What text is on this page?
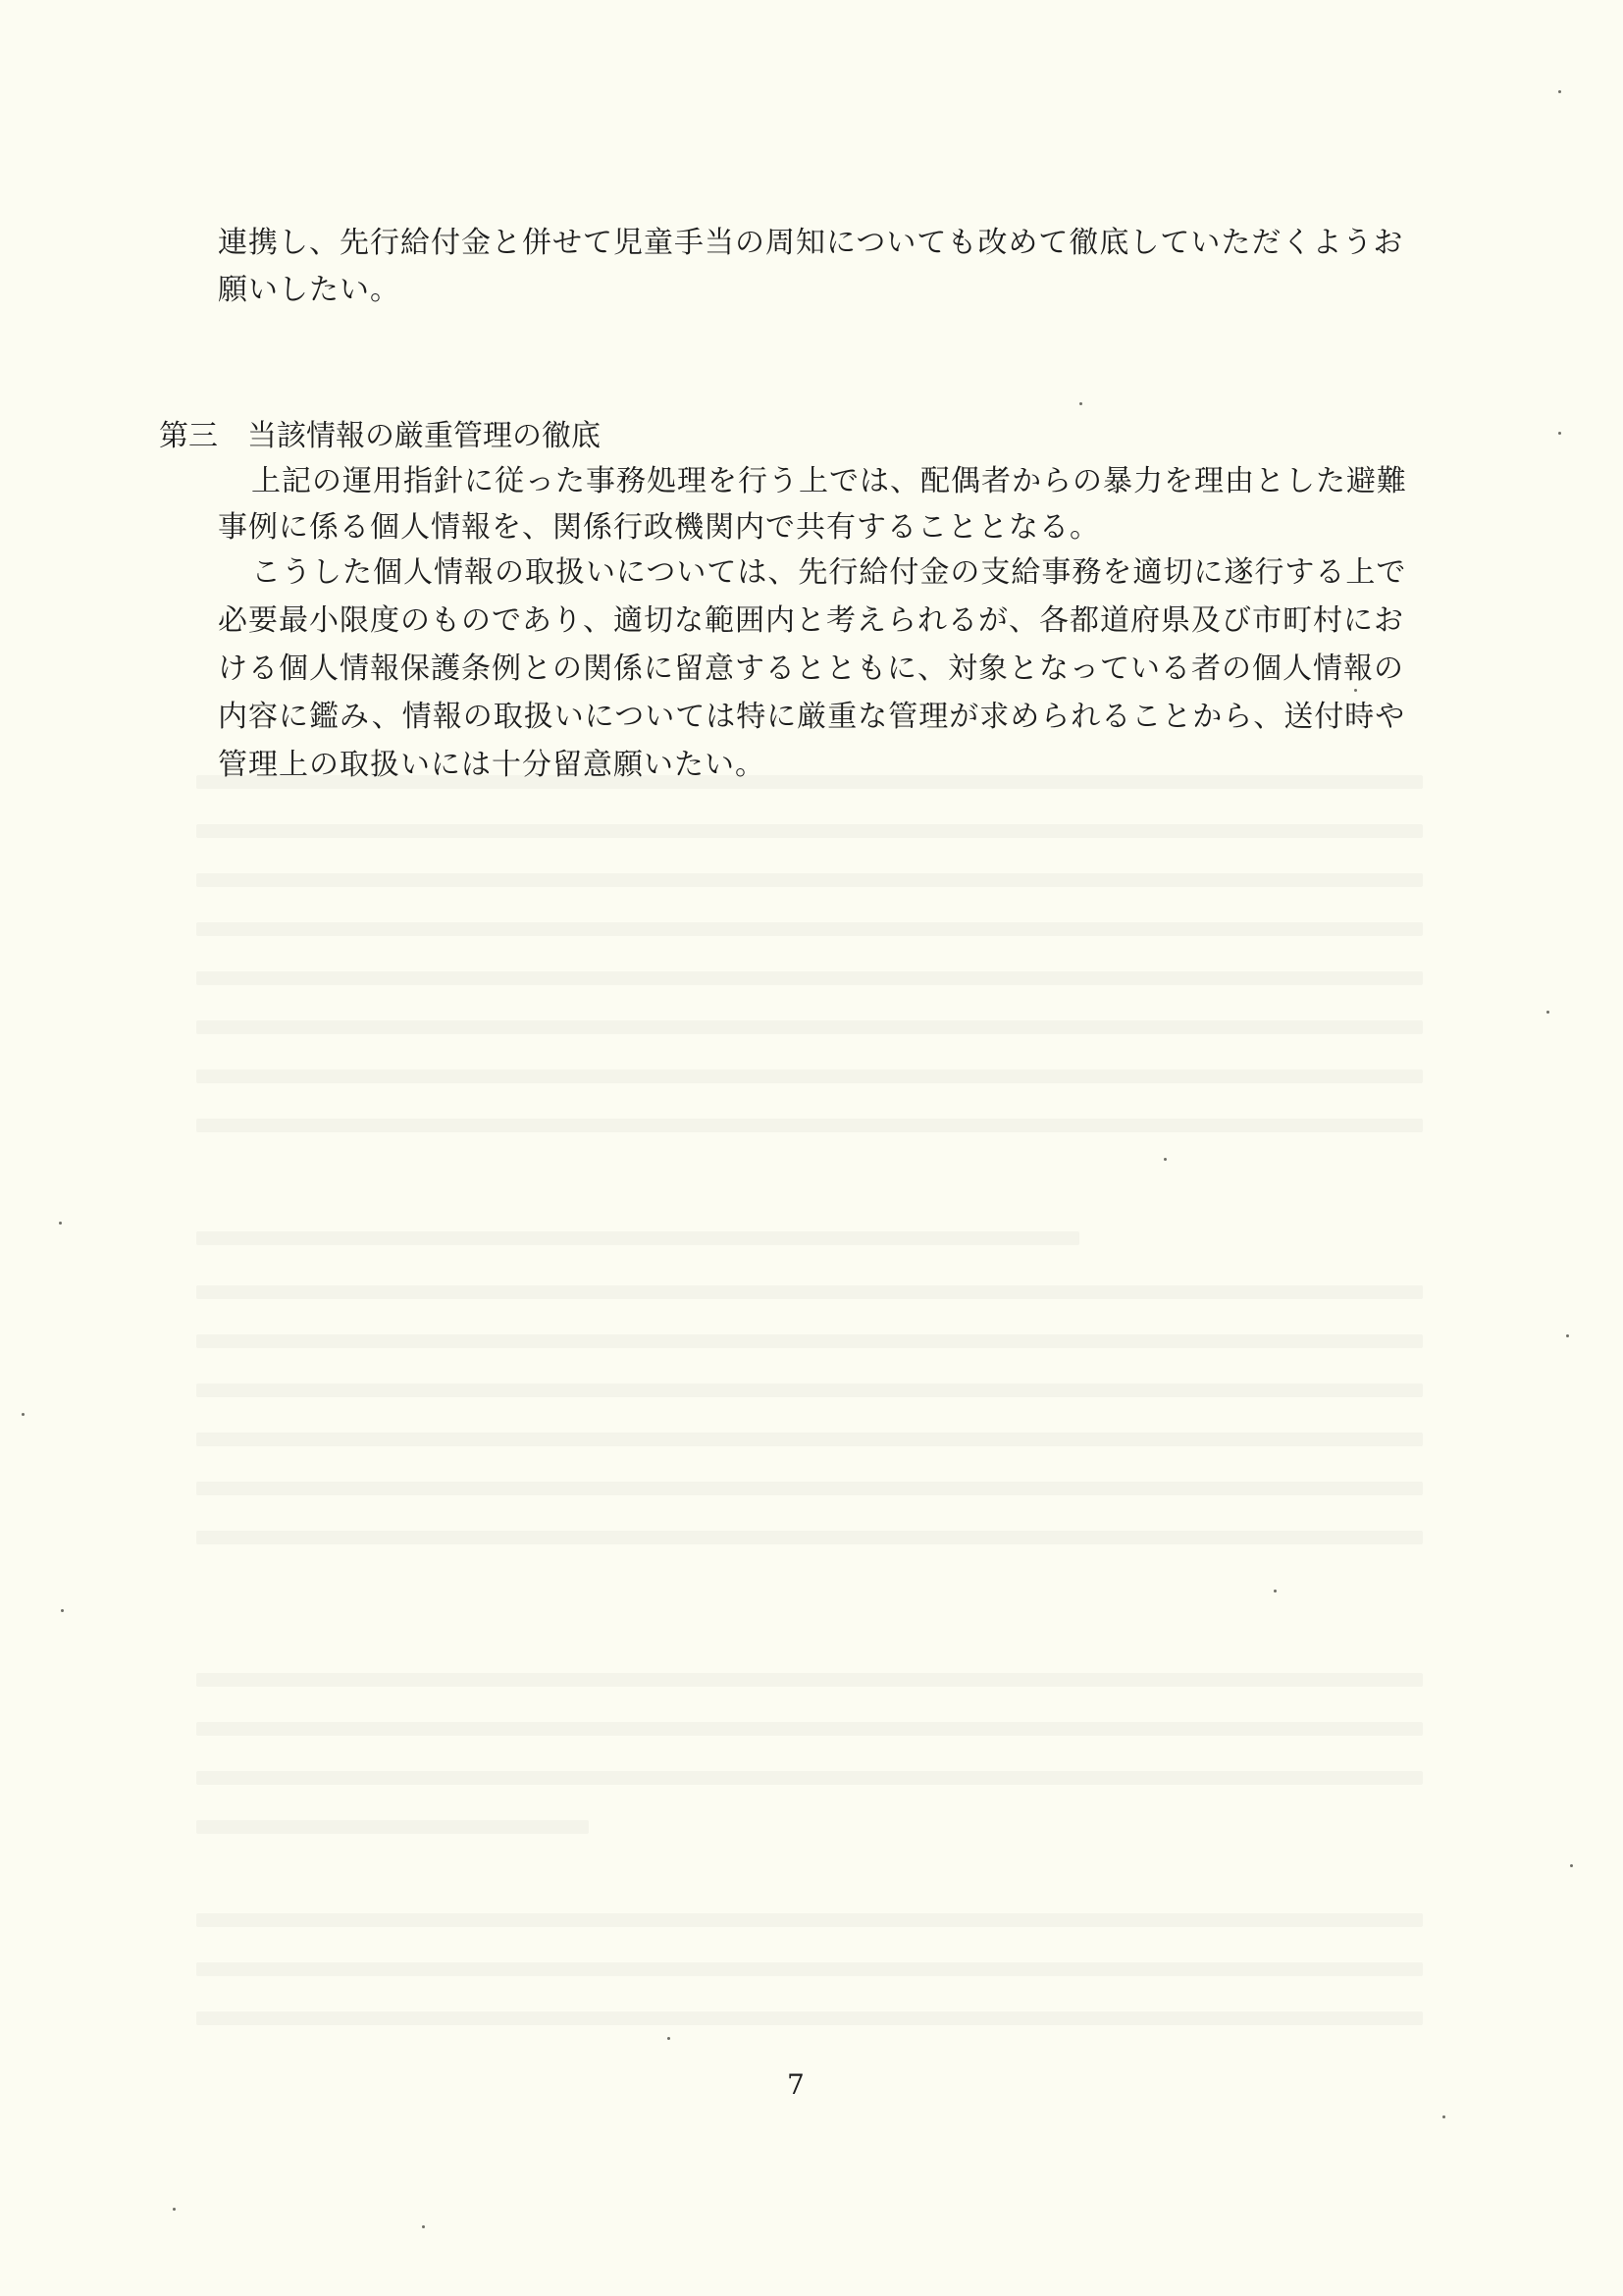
連携し、先行給付金と併せて児童手当の周知についても改めて徹底していただくようお
願いしたい。
第三　当該情報の厳重管理の徹底
上記の運用指針に従った事務処理を行う上では、配偶者からの暴力を理由とした避難
事例に係る個人情報を、関係行政機関内で共有することとなる。
こうした個人情報の取扱いについては、先行給付金の支給事務を適切に遂行する上で
必要最小限度のものであり、適切な範囲内と考えられるが、各都道府県及び市町村にお
ける個人情報保護条例との関係に留意するとともに、対象となっている者の個人情報の
内容に鑑み、情報の取扱いについては特に厳重な管理が求められることから、送付時や
管理上の取扱いには十分留意願いたい。
7
